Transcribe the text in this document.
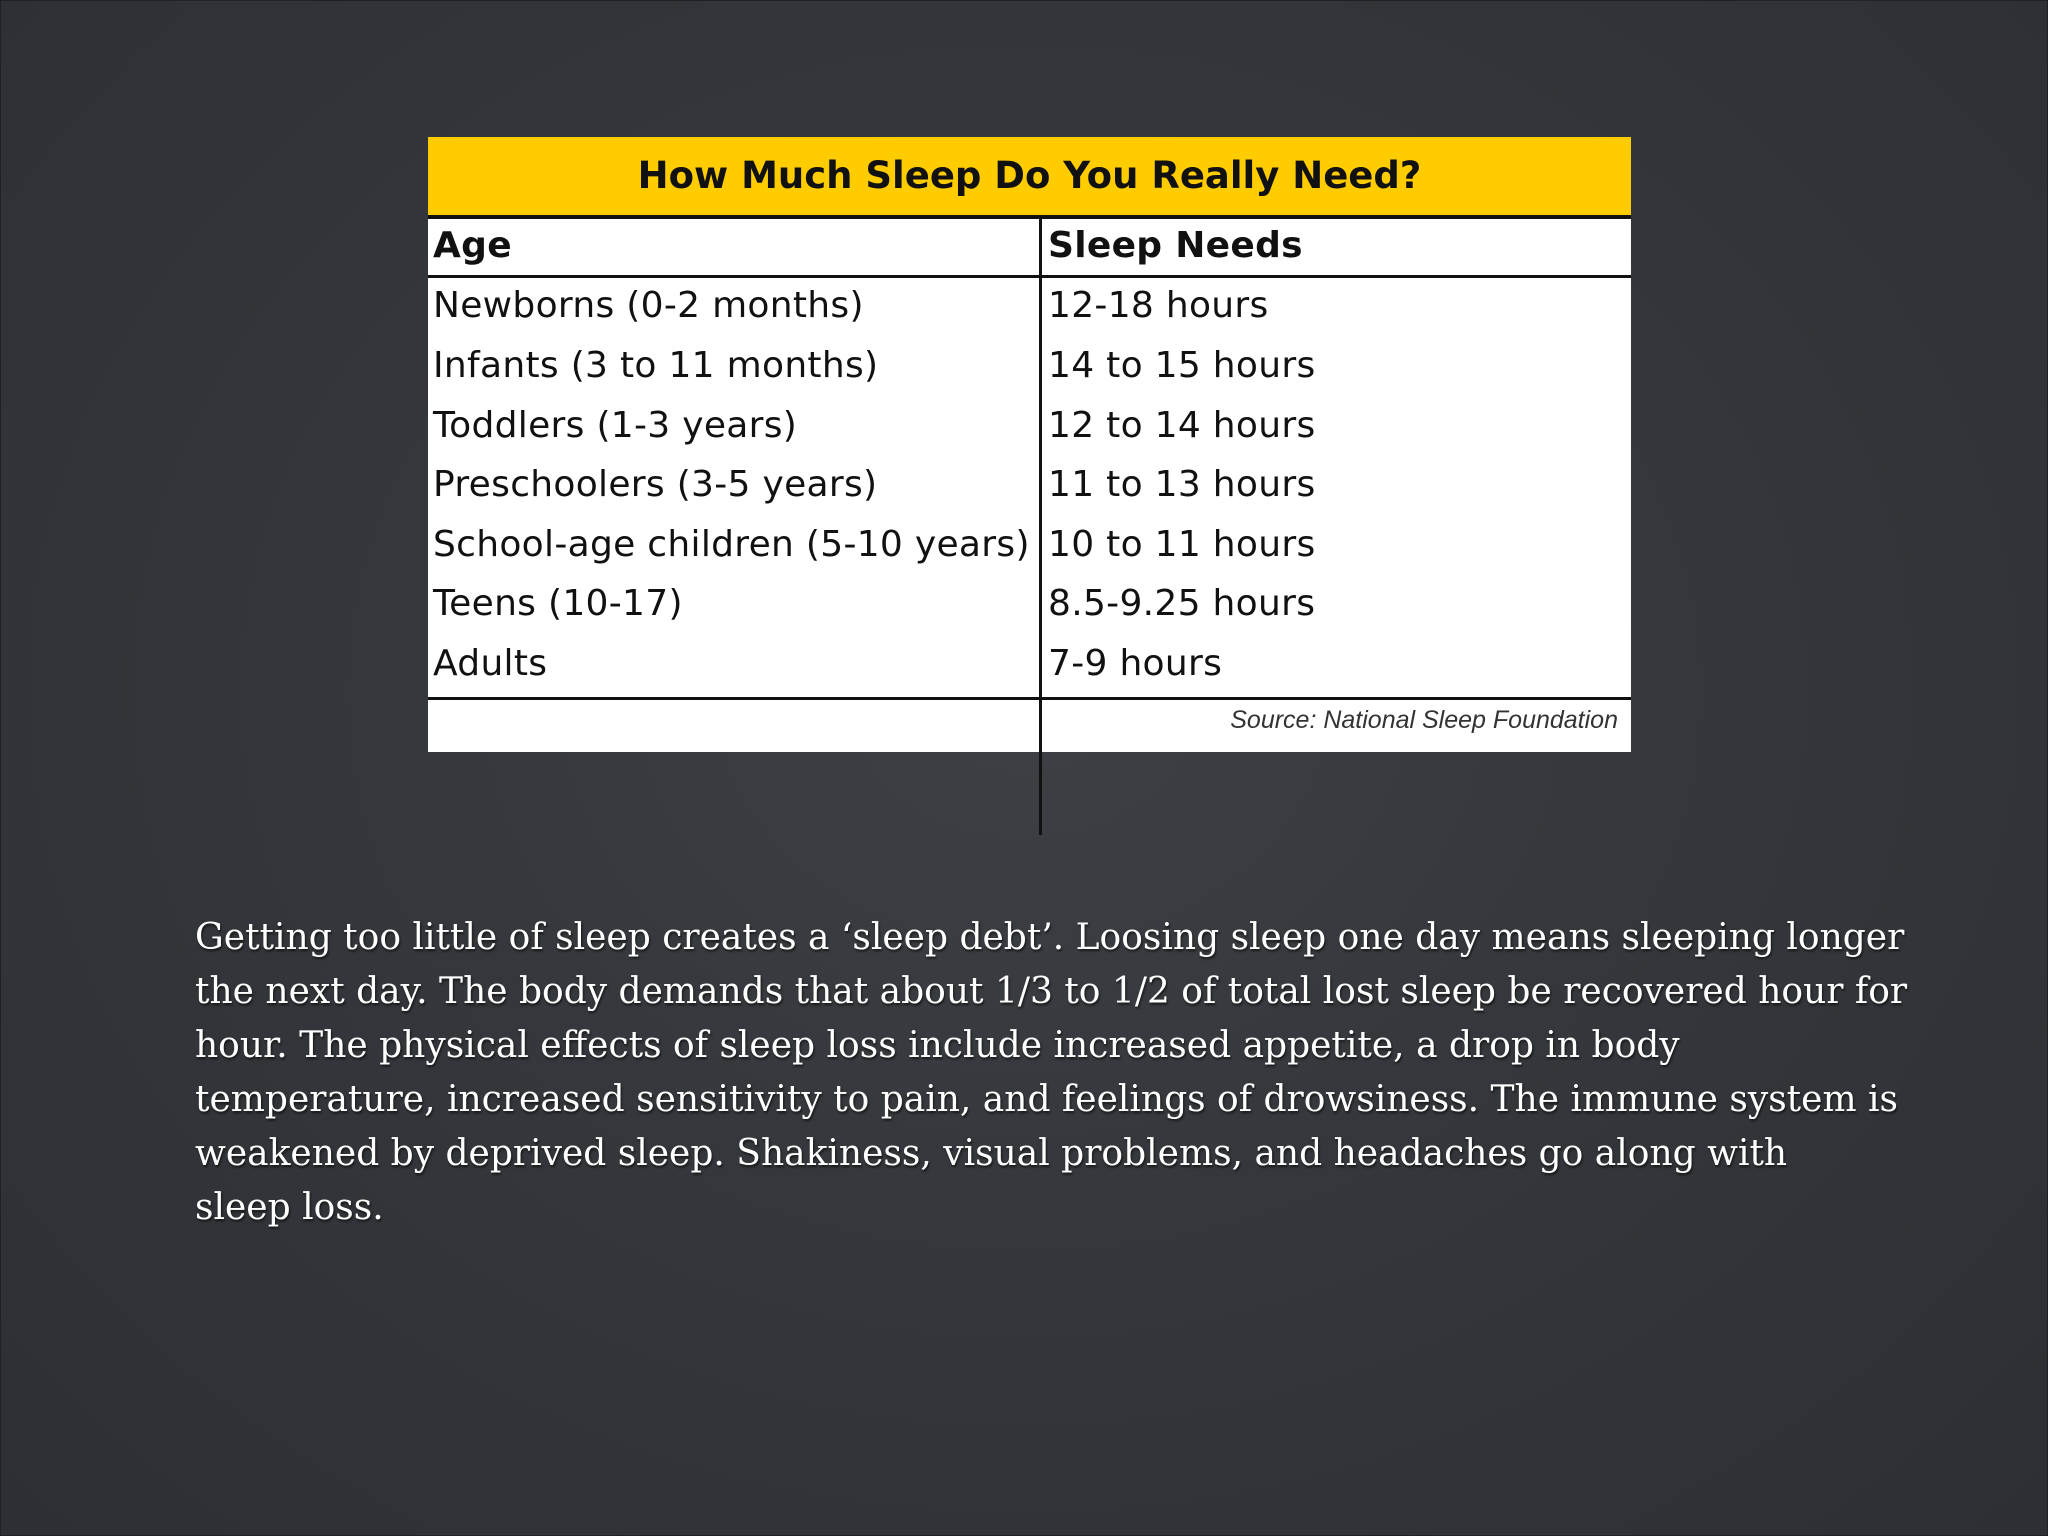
How Much Sleep Do You Really Need?
Age	Sleep Needs
Newborns (0-2 months)	12-18 hours
Infants (3 to 11 months)	14 to 15 hours
Toddlers (1-3 years)	12 to 14 hours
Preschoolers (3-5 years)	11 to 13 hours
School-age children (5-10 years) 10 to 11 hours
Teens (10-17)	8.5-9.25 hours
Adults	7-9 hours
Source: National Sleep Foundation

Getting too little of sleep creates a ‘sleep debt’. Loosing sleep one day means sleeping longer
the next day. The body demands that about 1/3 to 1/2 of total lost sleep be recovered hour for
hour. The physical effects of sleep loss include increased appetite, a drop in body
temperature, increased sensitivity to pain, and feelings of drowsiness. The immune system is
weakened by deprived sleep. Shakiness, visual problems, and headaches go along with
sleep loss.
